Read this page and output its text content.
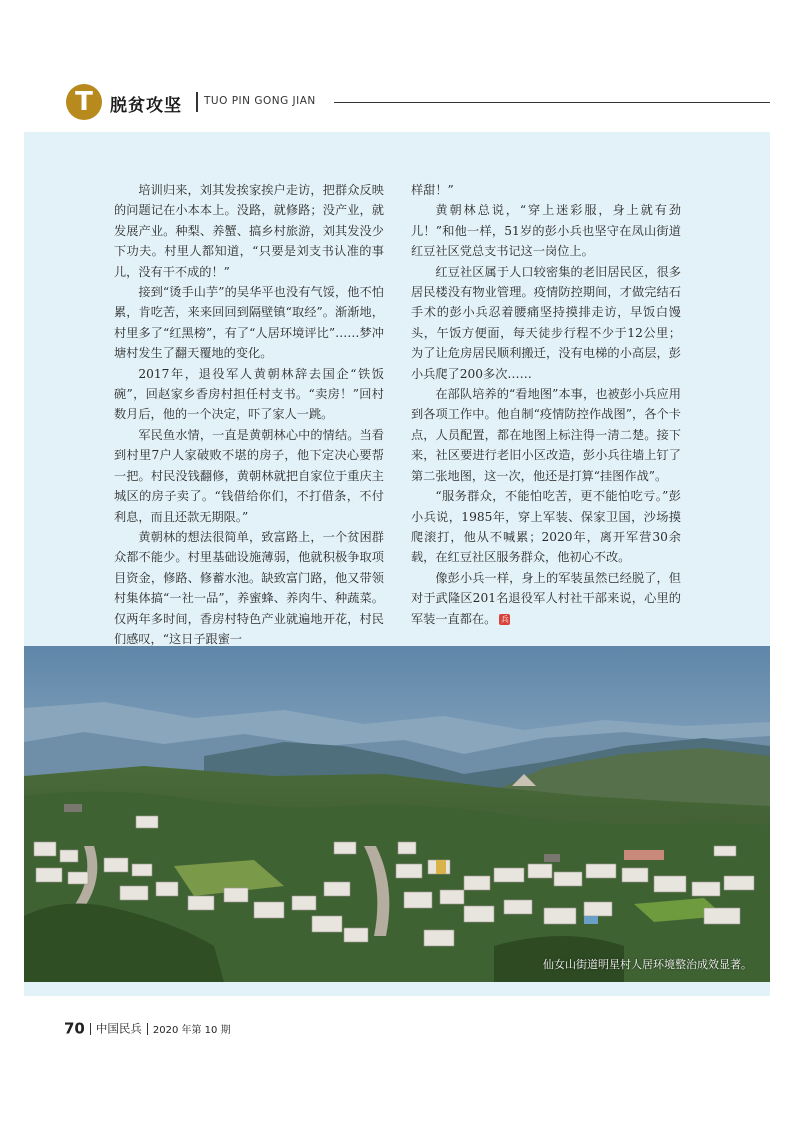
T	脱贫攻坚 TUO PIN GONG JIAN

培训归来，刘其发挨家挨户走访，把群众反映的问题记在小本本上。没路，就修路；没产业，就发展产业。种梨、养蟹、搞乡村旅游，刘其发没少下功夫。村里人都知道，“只要是刘支书认准的事儿，没有干不成的！”

接到“烫手山芋”的吴华平也没有气馁，他不怕累，肯吃苦，来来回回到隔壁镇“取经”。渐渐地，村里多了“红黑榜”，有了“人居环境评比”……梦冲塘村发生了翻天覆地的变化。

2017年，退役军人黄朝林辞去国企“铁饭碗”，回赵家乡香房村担任村支书。“卖房！”回村数月后，他的一个决定，吓了家人一跳。

军民鱼水情，一直是黄朝林心中的情结。当看到村里7户人家破败不堪的房子，他下定决心要帮一把。村民没钱翻修，黄朝林就把自家位于重庆主城区的房子卖了。“钱借给你们，不打借条，不付利息，而且还款无期限。”

黄朝林的想法很简单，致富路上，一个贫困群众都不能少。村里基础设施薄弱，他就积极争取项目资金，修路、修蓄水池。缺致富门路，他又带领村集体搞“一社一品”，养蜜蜂、养肉牛、种蔬菜。仅两年多时间，香房村特色产业就遍地开花，村民们感叹，“这日子跟蜜一

样甜！”

黄朝林总说，“穿上迷彩服，身上就有劲儿！”和他一样，51岁的彭小兵也坚守在凤山街道红豆社区党总支书记这一岗位上。

红豆社区属于人口较密集的老旧居民区，很多居民楼没有物业管理。疫情防控期间，才做完结石手术的彭小兵忍着腰痛坚持摸排走访，早饭白馒头，午饭方便面，每天徒步行程不少于12公里；为了让危房居民顺利搬迁，没有电梯的小高层，彭小兵爬了200多次……

在部队培养的“看地图”本事，也被彭小兵应用到各项工作中。他自制“疫情防控作战图”，各个卡点，人员配置，都在地图上标注得一清二楚。接下来，社区要进行老旧小区改造，彭小兵往墙上钉了第二张地图，这一次，他还是打算“挂图作战”。

“服务群众，不能怕吃苦，更不能怕吃亏。”彭小兵说，1985年，穿上军装、保家卫国，沙场摸爬滚打，他从不喊累；2020年，离开军营30余载，在红豆社区服务群众，他初心不改。

像彭小兵一样，身上的军装虽然已经脱了，但对于武隆区201名退役军人村社干部来说，心里的军装一直都在。 兵

仙女山街道明星村人居环境整治成效显著。
70 中国民兵 2020 年第 10 期
